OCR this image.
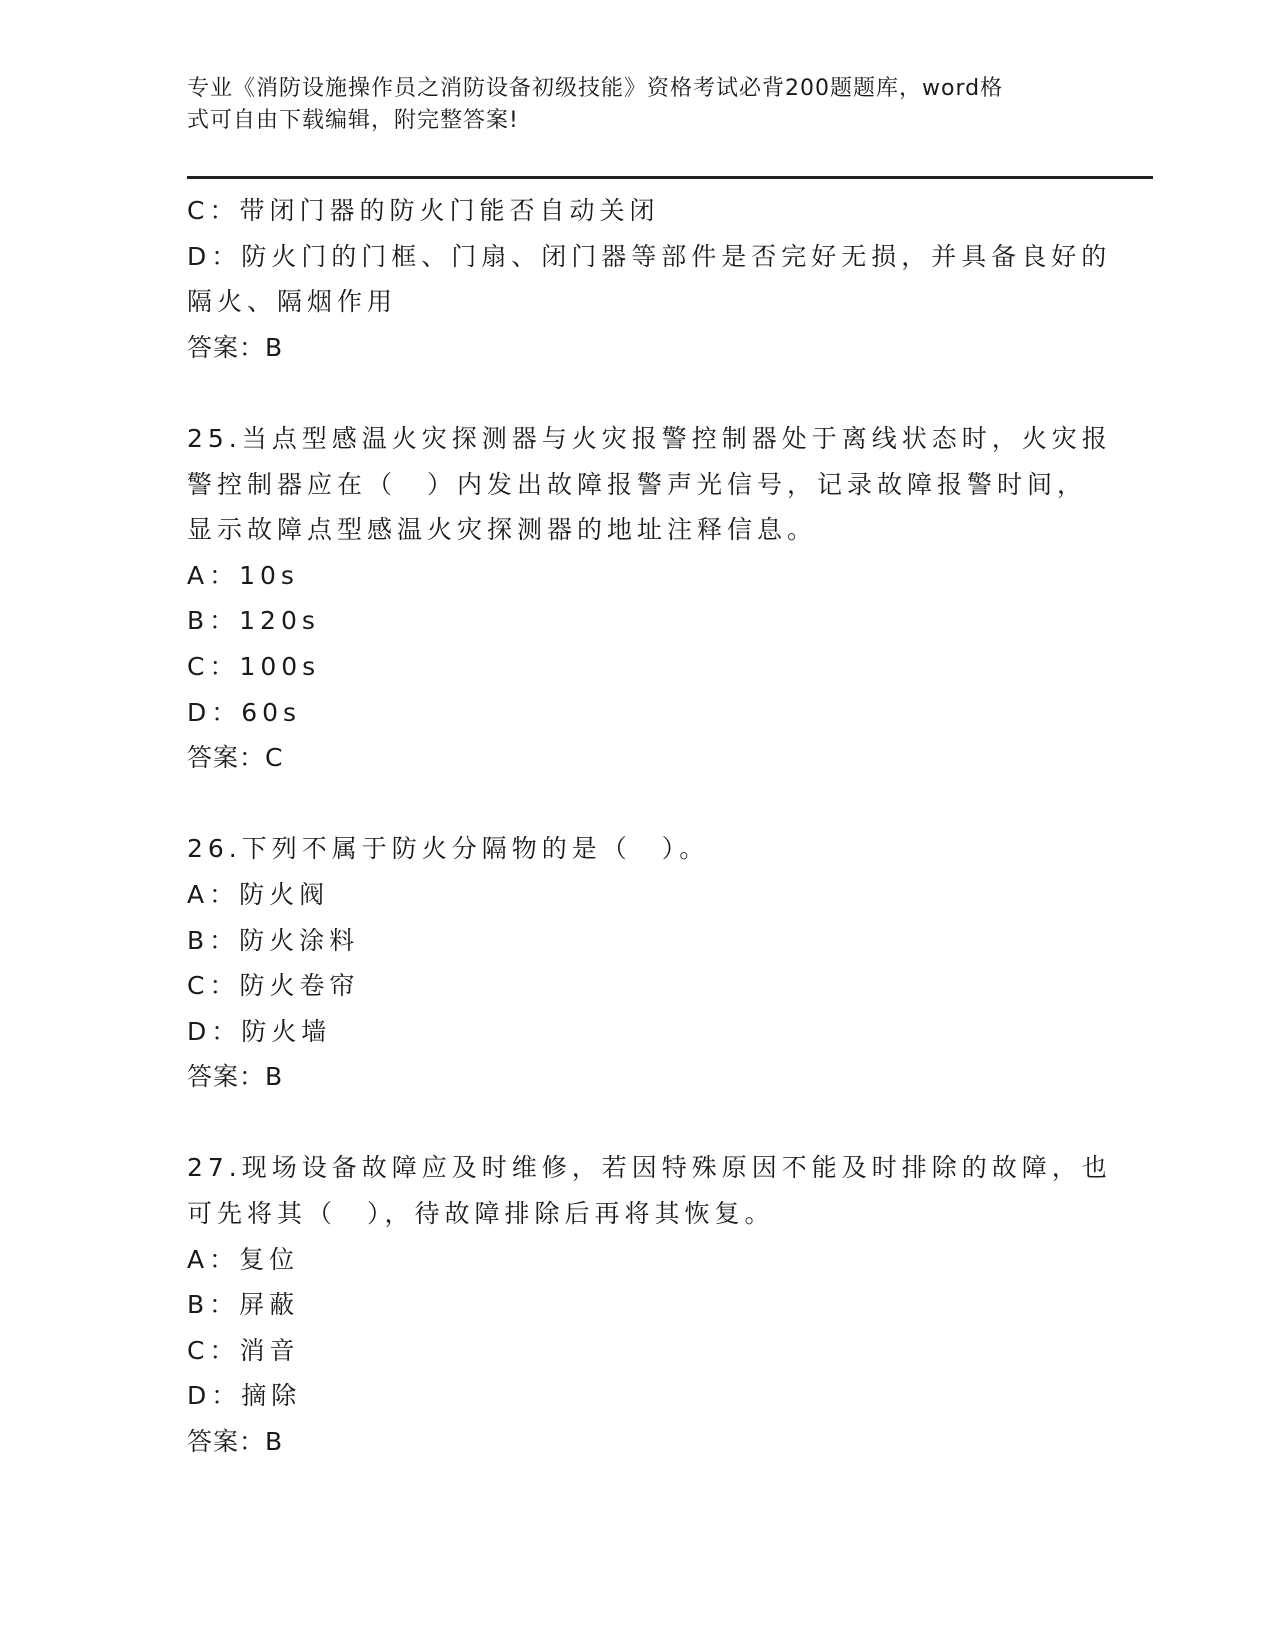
专业《消防设施操作员之消防设备初级技能》资格考试必背200题题库，word格
式可自由下载编辑，附完整答案!
C：带闭门器的防火门能否自动关闭
D：防火门的门框、门扇、闭门器等部件是否完好无损，并具备良好的
隔火、隔烟作用
答案：B
25.当点型感温火灾探测器与火灾报警控制器处于离线状态时，火灾报
警控制器应在（　）内发出故障报警声光信号，记录故障报警时间，
显示故障点型感温火灾探测器的地址注释信息。
A：10s
B：120s
C：100s
D：60s
答案：C
26.下列不属于防火分隔物的是（　）。
A：防火阀
B：防火涂料
C：防火卷帘
D：防火墙
答案：B
27.现场设备故障应及时维修，若因特殊原因不能及时排除的故障，也
可先将其（　），待故障排除后再将其恢复。
A：复位
B：屏蔽
C：消音
D：摘除
答案：B
